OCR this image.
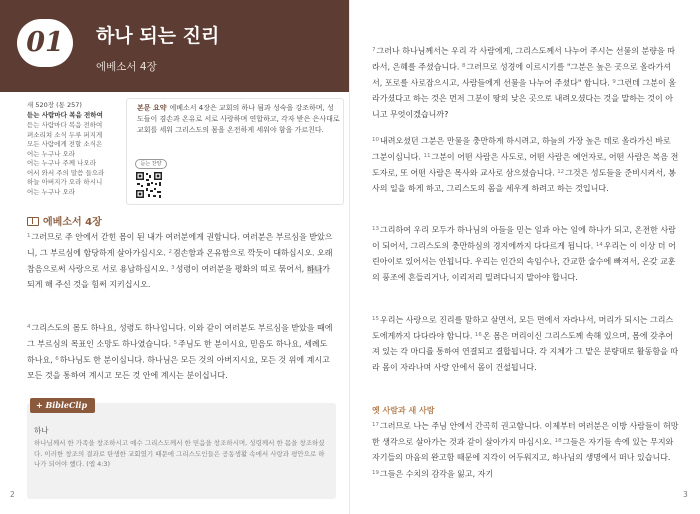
01	하나 되는 진리
에베소서 4장
새 520장 (통 257)
듣는 사람마다 복음 전하여
듣는 사람마다 복음 전하여
펴소리쳐 소식 두루 퍼지게
모든 사람에게 전할 소식은
어는 누구나 오라
어는 누구나 주께 나오라
어서 와서 주의 말씀 들으라
하늘 아버지가 오라 하시니
어는 누구나 오라
본문 요약 에베소서 4장은 교회의 하나 됨과 성숙을 강조하며, 성도들이 겸손과 온유로 서로 사랑하며 연합하고, 각자 받은 은사대로 교회를 세워 그리스도의 몸을 온전하게 세워야 함을 가르친다.
듣는 찬양
에베소서 4장
$^1$그러므로 주 안에서 갇힌 몸이 된 내가 여러분에게 권합니다. 여러분은 부르심을 받았으니, 그 부르심에 합당하게 살아가십시오. $^2$겸손함과 온유함으로 깍듯이 대하십시오. 오래 참음으로써 사랑으로 서로 용납하십시오. $^3$성령이 여러분을 평화의 띠로 묶어서, 하나가 되게 해 주신 것을 힘써 지키십시오.
$^4$그리스도의 몸도 하나요, 성령도 하나입니다. 이와 같이 여러분도 부르심을 받았을 때에 그 부르심의 목표인 소망도 하나였습니다. $^5$주님도 한 분이시요, 믿음도 하나요, 세례도 하나요, $^6$하나님도 한 분이십니다. 하나님은 모든 것의 아버지시요, 모든 것 위에 계시고 모든 것을 통하여 계시고 모든 것 안에 계시는 분이십니다.
+ BibleClip
하나
하나님께서 한 가족을 창조하시고 예수 그리스도께서 한 믿음을 창조하시며, 성령께서 한 몸을 창조하셨다. 이러한 창조의 결과로 탄생한 교회였기 때문에 그리스도인들은 공동생활 속에서 사랑과 평안으로 하나가 되어야 했다. (엡 4:3)
2
$^7$그러나 하나님께서는 우리 각 사람에게, 그리스도께서 나누어 주시는 선물의 분량을 따라서, 은혜를 주셨습니다. $^8$그러므로 성경에 이르시기를 "그분은 높은 곳으로 올라가셔서, 포로를 사로잡으시고, 사람들에게 선물을 나누어 주셨다" 합니다. $^9$그런데 그분이 올라가셨다고 하는 것은 먼저 그분이 땅의 낮은 곳으로 내려오셨다는 것을 말하는 것이 아니고 무엇이겠습니까?
$^{10}$내려오셨던 그분은 만물을 충만하게 하시려고, 하늘의 가장 높은 데로 올라가신 바로 그분이십니다. $^{11}$그분이 어떤 사람은 사도로, 어떤 사람은 예언자로, 어떤 사람은 복음 전도자로, 또 어떤 사람은 목사와 교사로 삼으셨습니다. $^{12}$그것은 성도들을 준비시켜서, 봉사의 일을 하게 하고, 그리스도의 몸을 세우게 하려고 하는 것입니다.
$^{13}$그리하여 우리 모두가 하나님의 아들을 믿는 일과 아는 일에 하나가 되고, 온전한 사람이 되어서, 그리스도의 충만하심의 경지에까지 다다르게 됩니다. $^{14}$우리는 이 이상 더 어린아이로 있어서는 안됩니다. 우리는 인간의 속임수나, 간교한 술수에 빠져서, 온갖 교훈의 풍조에 흔들리거나, 이리저리 밀려다니지 말아야 합니다.
$^{15}$우리는 사랑으로 진리를 말하고 살면서, 모든 면에서 자라나서, 머리가 되시는 그리스도에게까지 다다라야 합니다. $^{16}$온 몸은 머리이신 그리스도께 속해 있으며, 몸에 갖추어져 있는 각 마디를 통하여 연결되고 결합됩니다. 각 지체가 그 맡은 분량대로 활동함을 따라 몸이 자라나며 사랑 안에서 몸이 건설됩니다.
옛 사람과 새 사람
$^{17}$그러므로 나는 주님 안에서 간곡히 권고합니다. 이제부터 여러분은 이방 사람들이 허망한 생각으로 살아가는 것과 같이 살아가지 마십시오. $^{18}$그들은 자기들 속에 있는 무지와 자기들의 마음의 완고함 때문에 지각이 어두워지고, 하나님의 생명에서 떠나 있습니다. $^{19}$그들은 수치의 감각을 잃고, 자기
3
